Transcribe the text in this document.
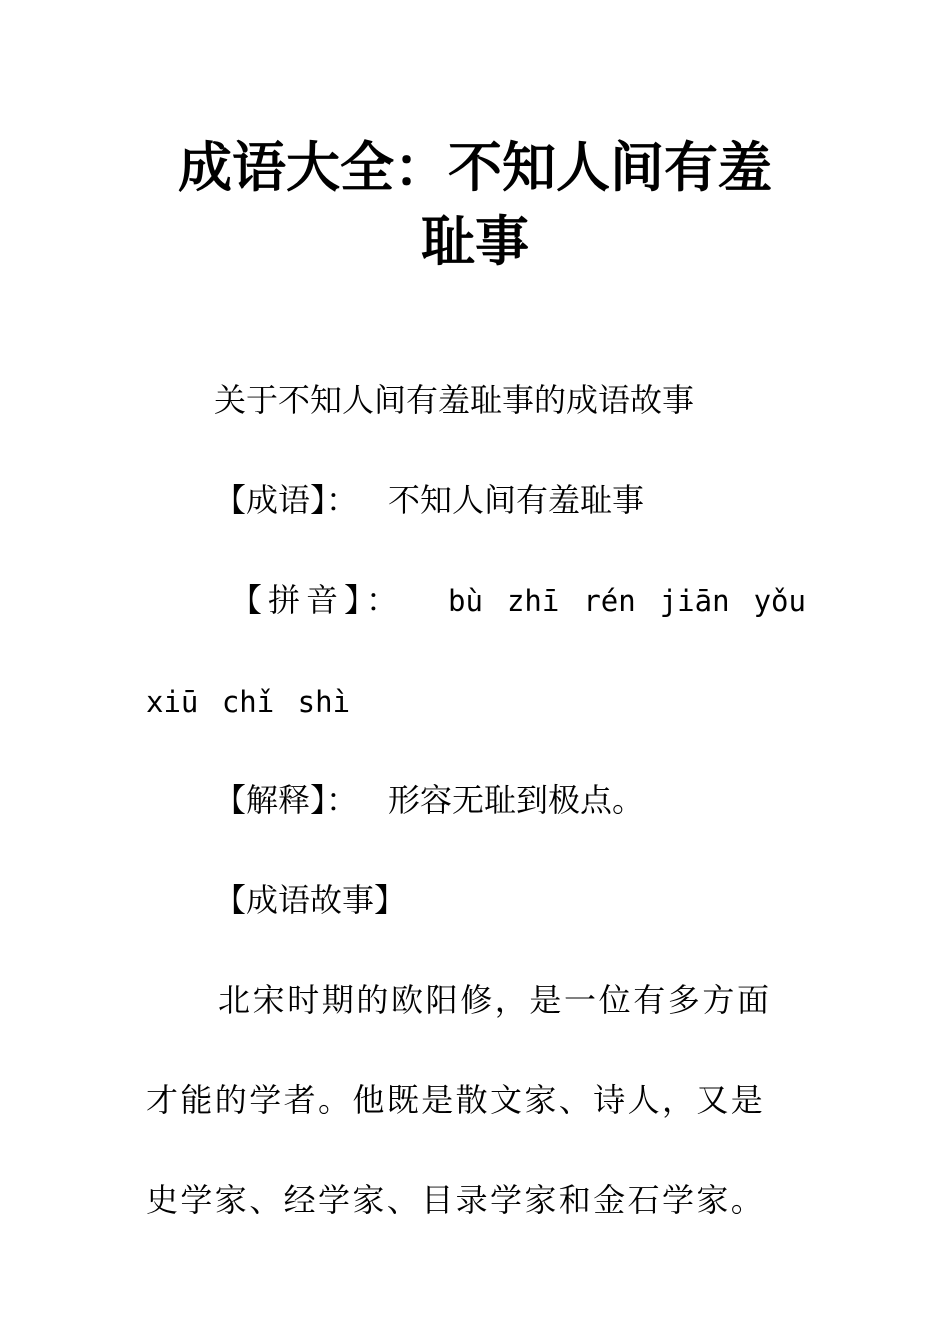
成语大全：不知人间有羞
耻事

关于不知人间有羞耻事的成语故事

【成语】： 不知人间有羞耻事

【拼音】： bù zhī rén jiān yǒu

xiū chǐ shì

【解释】： 形容无耻到极点。

【成语故事】

北宋时期的欧阳修，是一位有多方面

才能的学者。他既是散文家、诗人，又是

史学家、经学家、目录学家和金石学家。
